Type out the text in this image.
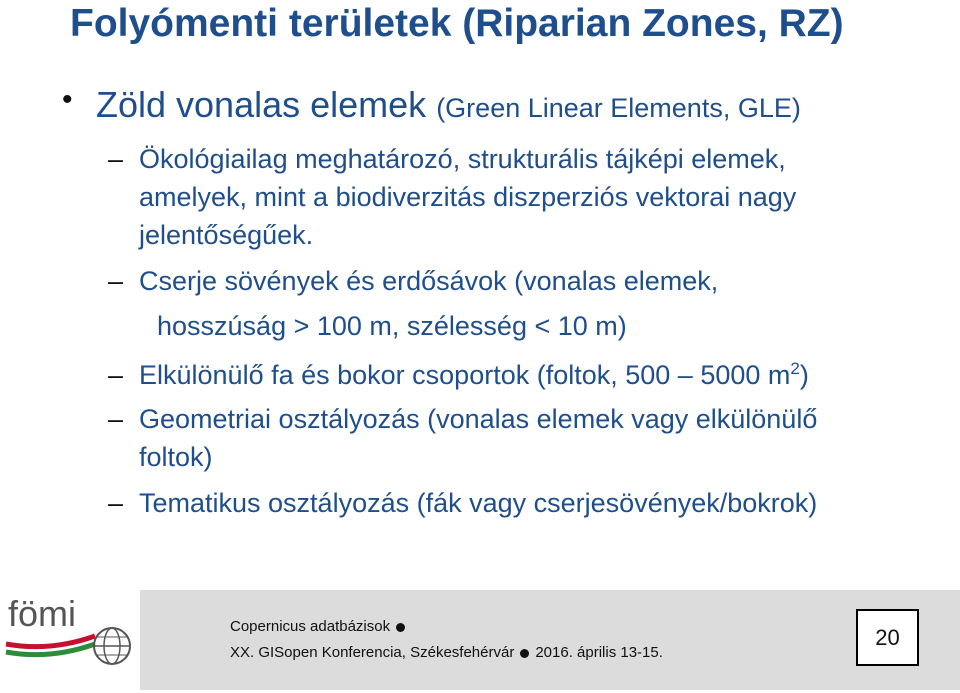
Folyómenti területek (Riparian Zones, RZ)
• Zöld vonalas elemek (Green Linear Elements, GLE)
– Ökológiailag meghatározó, strukturális tájképi elemek,
amelyek, mint a biodiverzitás diszperziós vektorai nagy
jelentőségűek.
– Cserje sövények és erdősávok (vonalas elemek,
hosszúság > 100 m, szélesség < 10 m)
– Elkülönülő fa és bokor csoportok (foltok, 500 – 5000 $m^2$)
– Geometriai osztályozás (vonalas elemek vagy elkülönülő
foltok)
– Tematikus osztályozás (fák vagy cserjesövények/bokrok)
fömi	Copernicus adatbázisok
XX. GISopen Konferencia, Székesfehérvár 2016. április 13-15.
20
